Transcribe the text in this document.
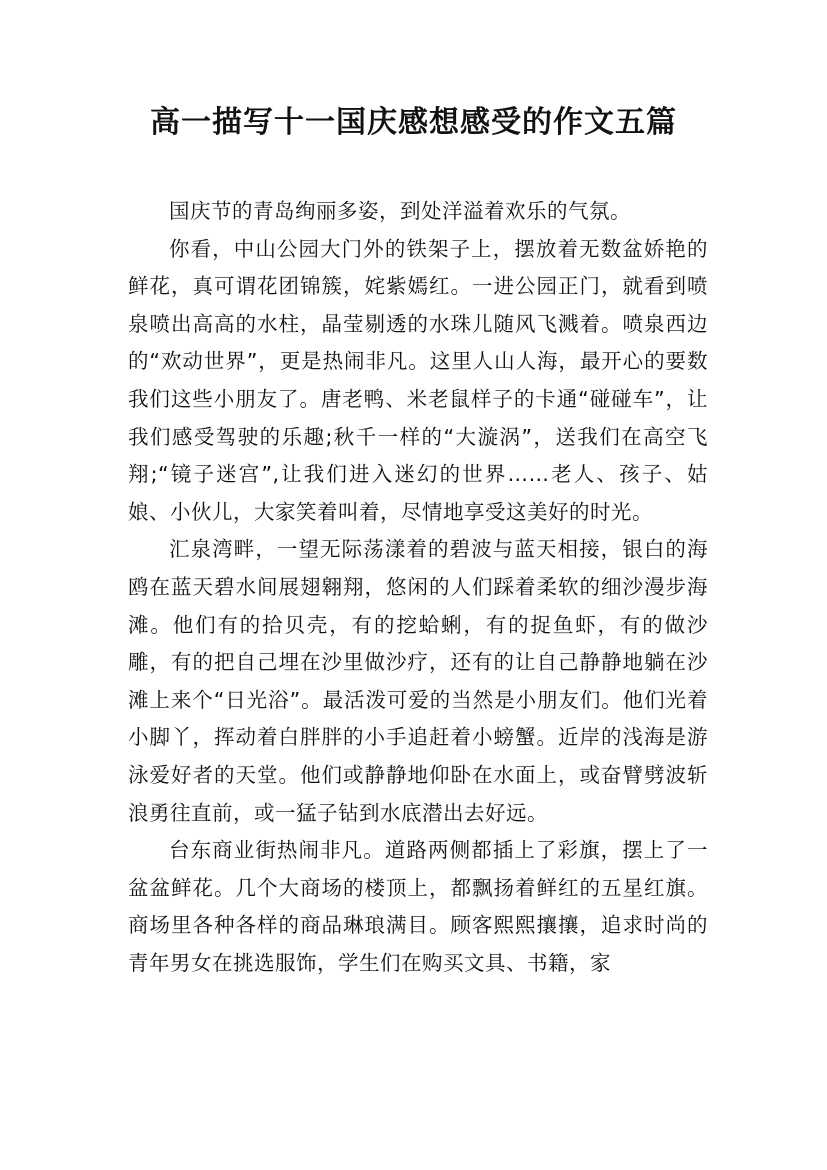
高一描写十一国庆感想感受的作文五篇

国庆节的青岛绚丽多姿，到处洋溢着欢乐的气氛。

你看，中山公园大门外的铁架子上，摆放着无数盆娇艳的鲜花，真可谓花团锦簇，姹紫嫣红。一进公园正门，就看到喷泉喷出高高的水柱，晶莹剔透的水珠儿随风飞溅着。喷泉西边的“欢动世界”，更是热闹非凡。这里人山人海，最开心的要数我们这些小朋友了。唐老鸭、米老鼠样子的卡通“碰碰车”，让我们感受驾驶的乐趣;秋千一样的“大漩涡”，送我们在高空飞翔;“镜子迷宫”,让我们进入迷幻的世界……老人、孩子、姑娘、小伙儿，大家笑着叫着，尽情地享受这美好的时光。

汇泉湾畔，一望无际荡漾着的碧波与蓝天相接，银白的海鸥在蓝天碧水间展翅翱翔，悠闲的人们踩着柔软的细沙漫步海滩。他们有的拾贝壳，有的挖蛤蜊，有的捉鱼虾，有的做沙雕，有的把自己埋在沙里做沙疗，还有的让自己静静地躺在沙滩上来个“日光浴”。最活泼可爱的当然是小朋友们。他们光着小脚丫，挥动着白胖胖的小手追赶着小螃蟹。近岸的浅海是游泳爱好者的天堂。他们或静静地仰卧在水面上，或奋臂劈波斩浪勇往直前，或一猛子钻到水底潜出去好远。

台东商业街热闹非凡。道路两侧都插上了彩旗，摆上了一盆盆鲜花。几个大商场的楼顶上，都飘扬着鲜红的五星红旗。商场里各种各样的商品琳琅满目。顾客熙熙攘攘，追求时尚的青年男女在挑选服饰，学生们在购买文具、书籍，家
